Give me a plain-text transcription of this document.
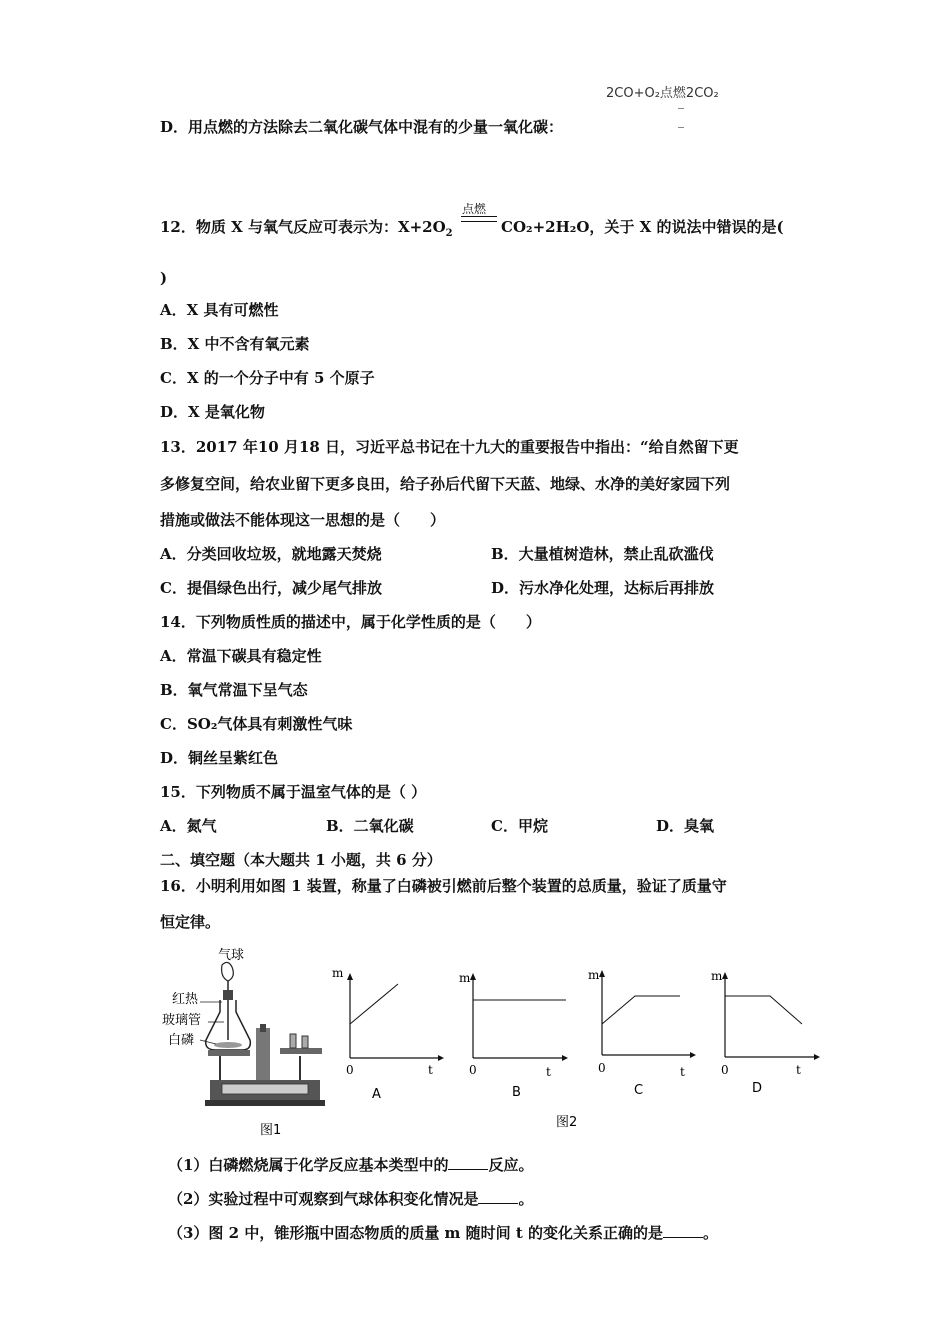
2CO+O₂点燃2CO₂
D．用点燃的方法除去二氧化碳气体中混有的少量一氧化碳：
点燃
12．物质 X 与氧气反应可表示为：$X+2O_2$	CO₂+2H₂O，关于 X 的说法中错误的是(
)
A．X 具有可燃性
B．X 中不含有氧元素
C．X 的一个分子中有 5 个原子
D．X 是氧化物
13．2017 年10 月18 日，习近平总书记在十九大的重要报告中指出：“给自然留下更
多修复空间，给农业留下更多良田，给子孙后代留下天蓝、地绿、水净的美好家园下列
措施或做法不能体现这一思想的是（　　）
A．分类回收垃圾，就地露天焚烧	B．大量植树造林，禁止乱砍滥伐
C．提倡绿色出行，减少尾气排放	D．污水净化处理，达标后再排放
14．下列物质性质的描述中，属于化学性质的是（　　）
A．常温下碳具有稳定性
B．氧气常温下呈气态
C．SO₂气体具有刺激性气味
D．铜丝呈紫红色
15．下列物质不属于温室气体的是（ ）
A．氮气	B．二氧化碳	C．甲烷	D．臭氧
二、填空题（本大题共 1 小题，共 6 分）
16．小明利用如图 1 装置，称量了白磷被引燃前后整个装置的总质量，验证了质量守
恒定律。
气球
红热
玻璃管
白磷
图1
m
t
0
A
m
t
0
B
m
t
0
C
m
t
0
D
图2
（1）白磷燃烧属于化学反应基本类型中的	反应。
（2）实验过程中可观察到气球体积变化情况是	。
（3）图 2 中，锥形瓶中固态物质的质量 m 随时间 t 的变化关系正确的是	。
